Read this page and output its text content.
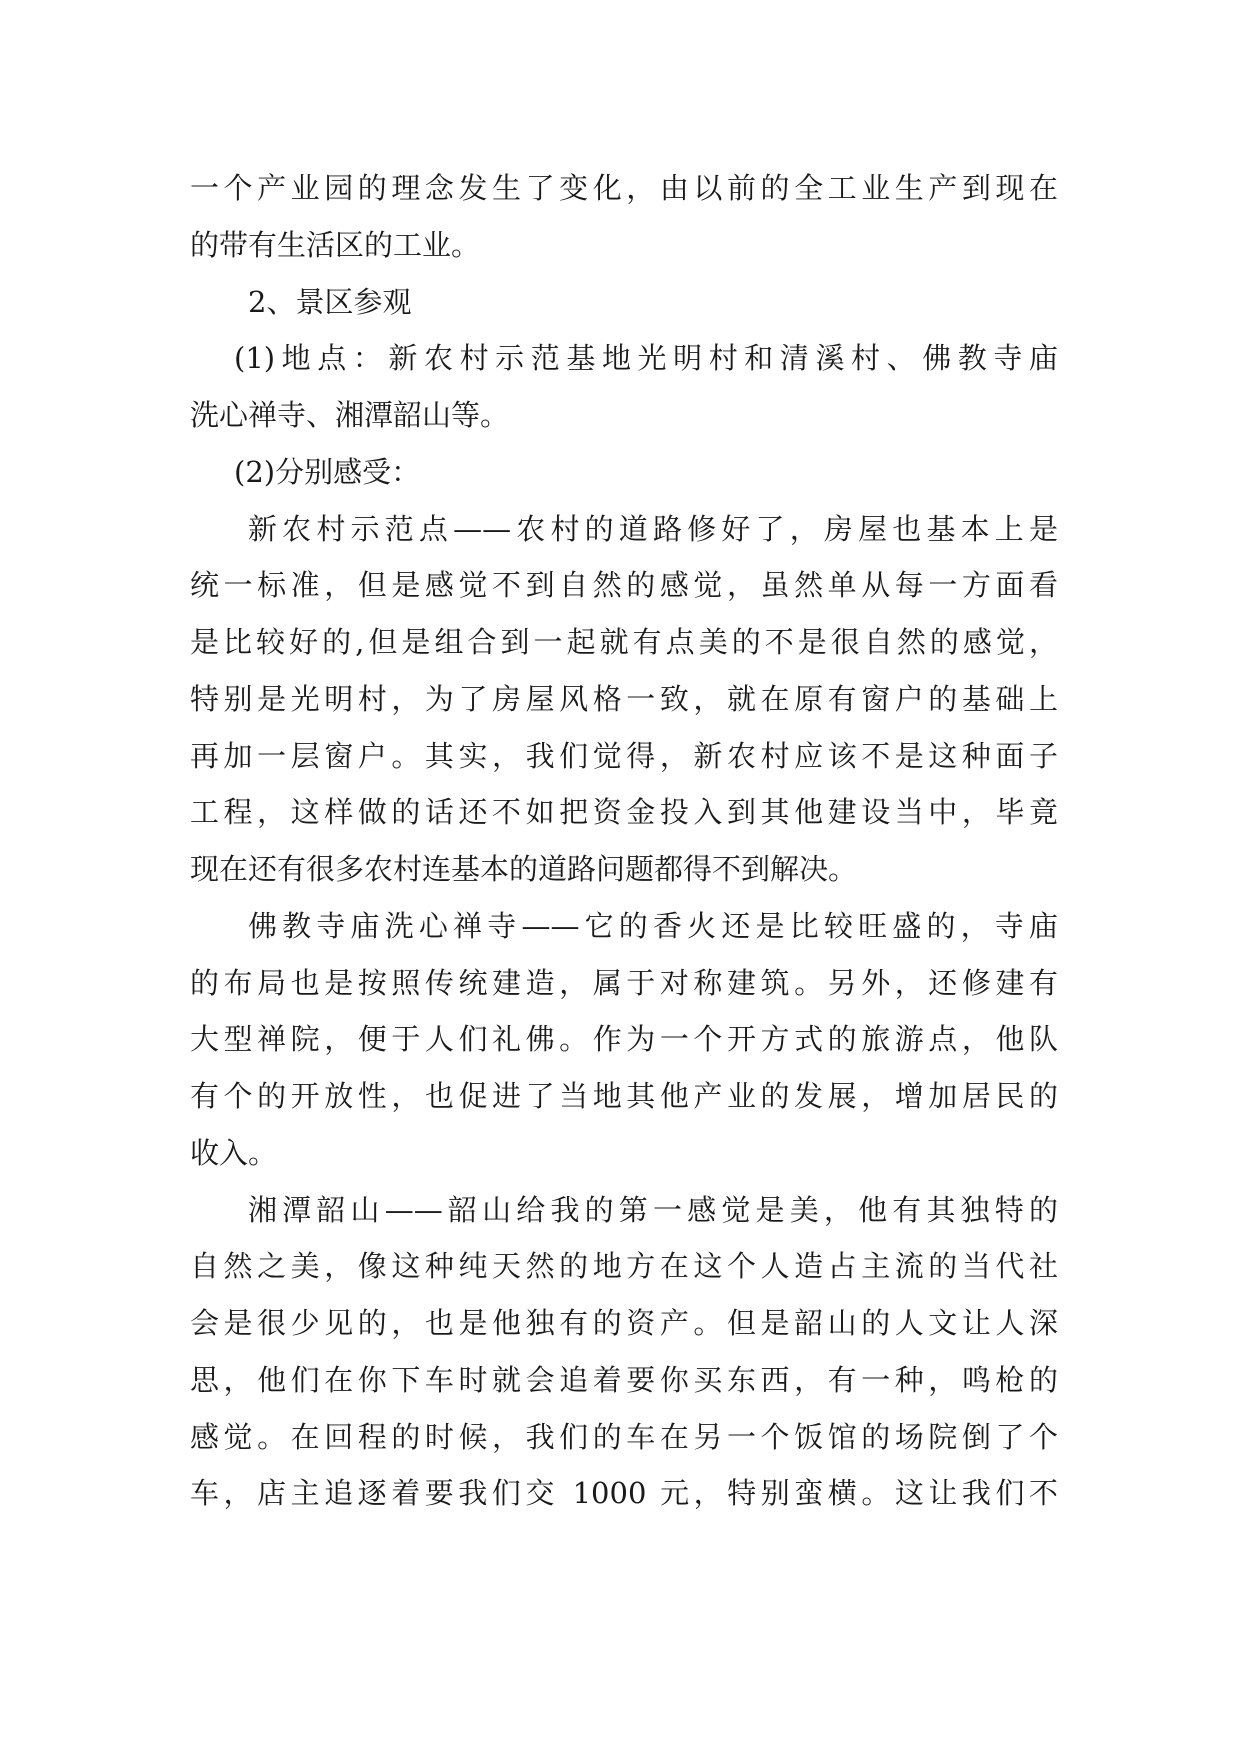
一个产业园的理念发生了变化，由以前的全工业生产到现在
的带有生活区的工业。
2、景区参观
(1)地点：新农村示范基地光明村和清溪村、佛教寺庙
洗心禅寺、湘潭韶山等。
(2)分别感受：
新农村示范点——农村的道路修好了，房屋也基本上是
统一标准，但是感觉不到自然的感觉，虽然单从每一方面看
是比较好的,但是组合到一起就有点美的不是很自然的感觉，
特别是光明村，为了房屋风格一致，就在原有窗户的基础上
再加一层窗户。其实，我们觉得，新农村应该不是这种面子
工程，这样做的话还不如把资金投入到其他建设当中，毕竟
现在还有很多农村连基本的道路问题都得不到解决。
佛教寺庙洗心禅寺——它的香火还是比较旺盛的，寺庙
的布局也是按照传统建造，属于对称建筑。另外，还修建有
大型禅院，便于人们礼佛。作为一个开方式的旅游点，他队
有个的开放性，也促进了当地其他产业的发展，增加居民的
收入。
湘潭韶山——韶山给我的第一感觉是美，他有其独特的
自然之美，像这种纯天然的地方在这个人造占主流的当代社
会是很少见的，也是他独有的资产。但是韶山的人文让人深
思，他们在你下车时就会追着要你买东西，有一种，鸣枪的
感觉。在回程的时候，我们的车在另一个饭馆的场院倒了个
车，店主追逐着要我们交 1000 元，特别蛮横。这让我们不
